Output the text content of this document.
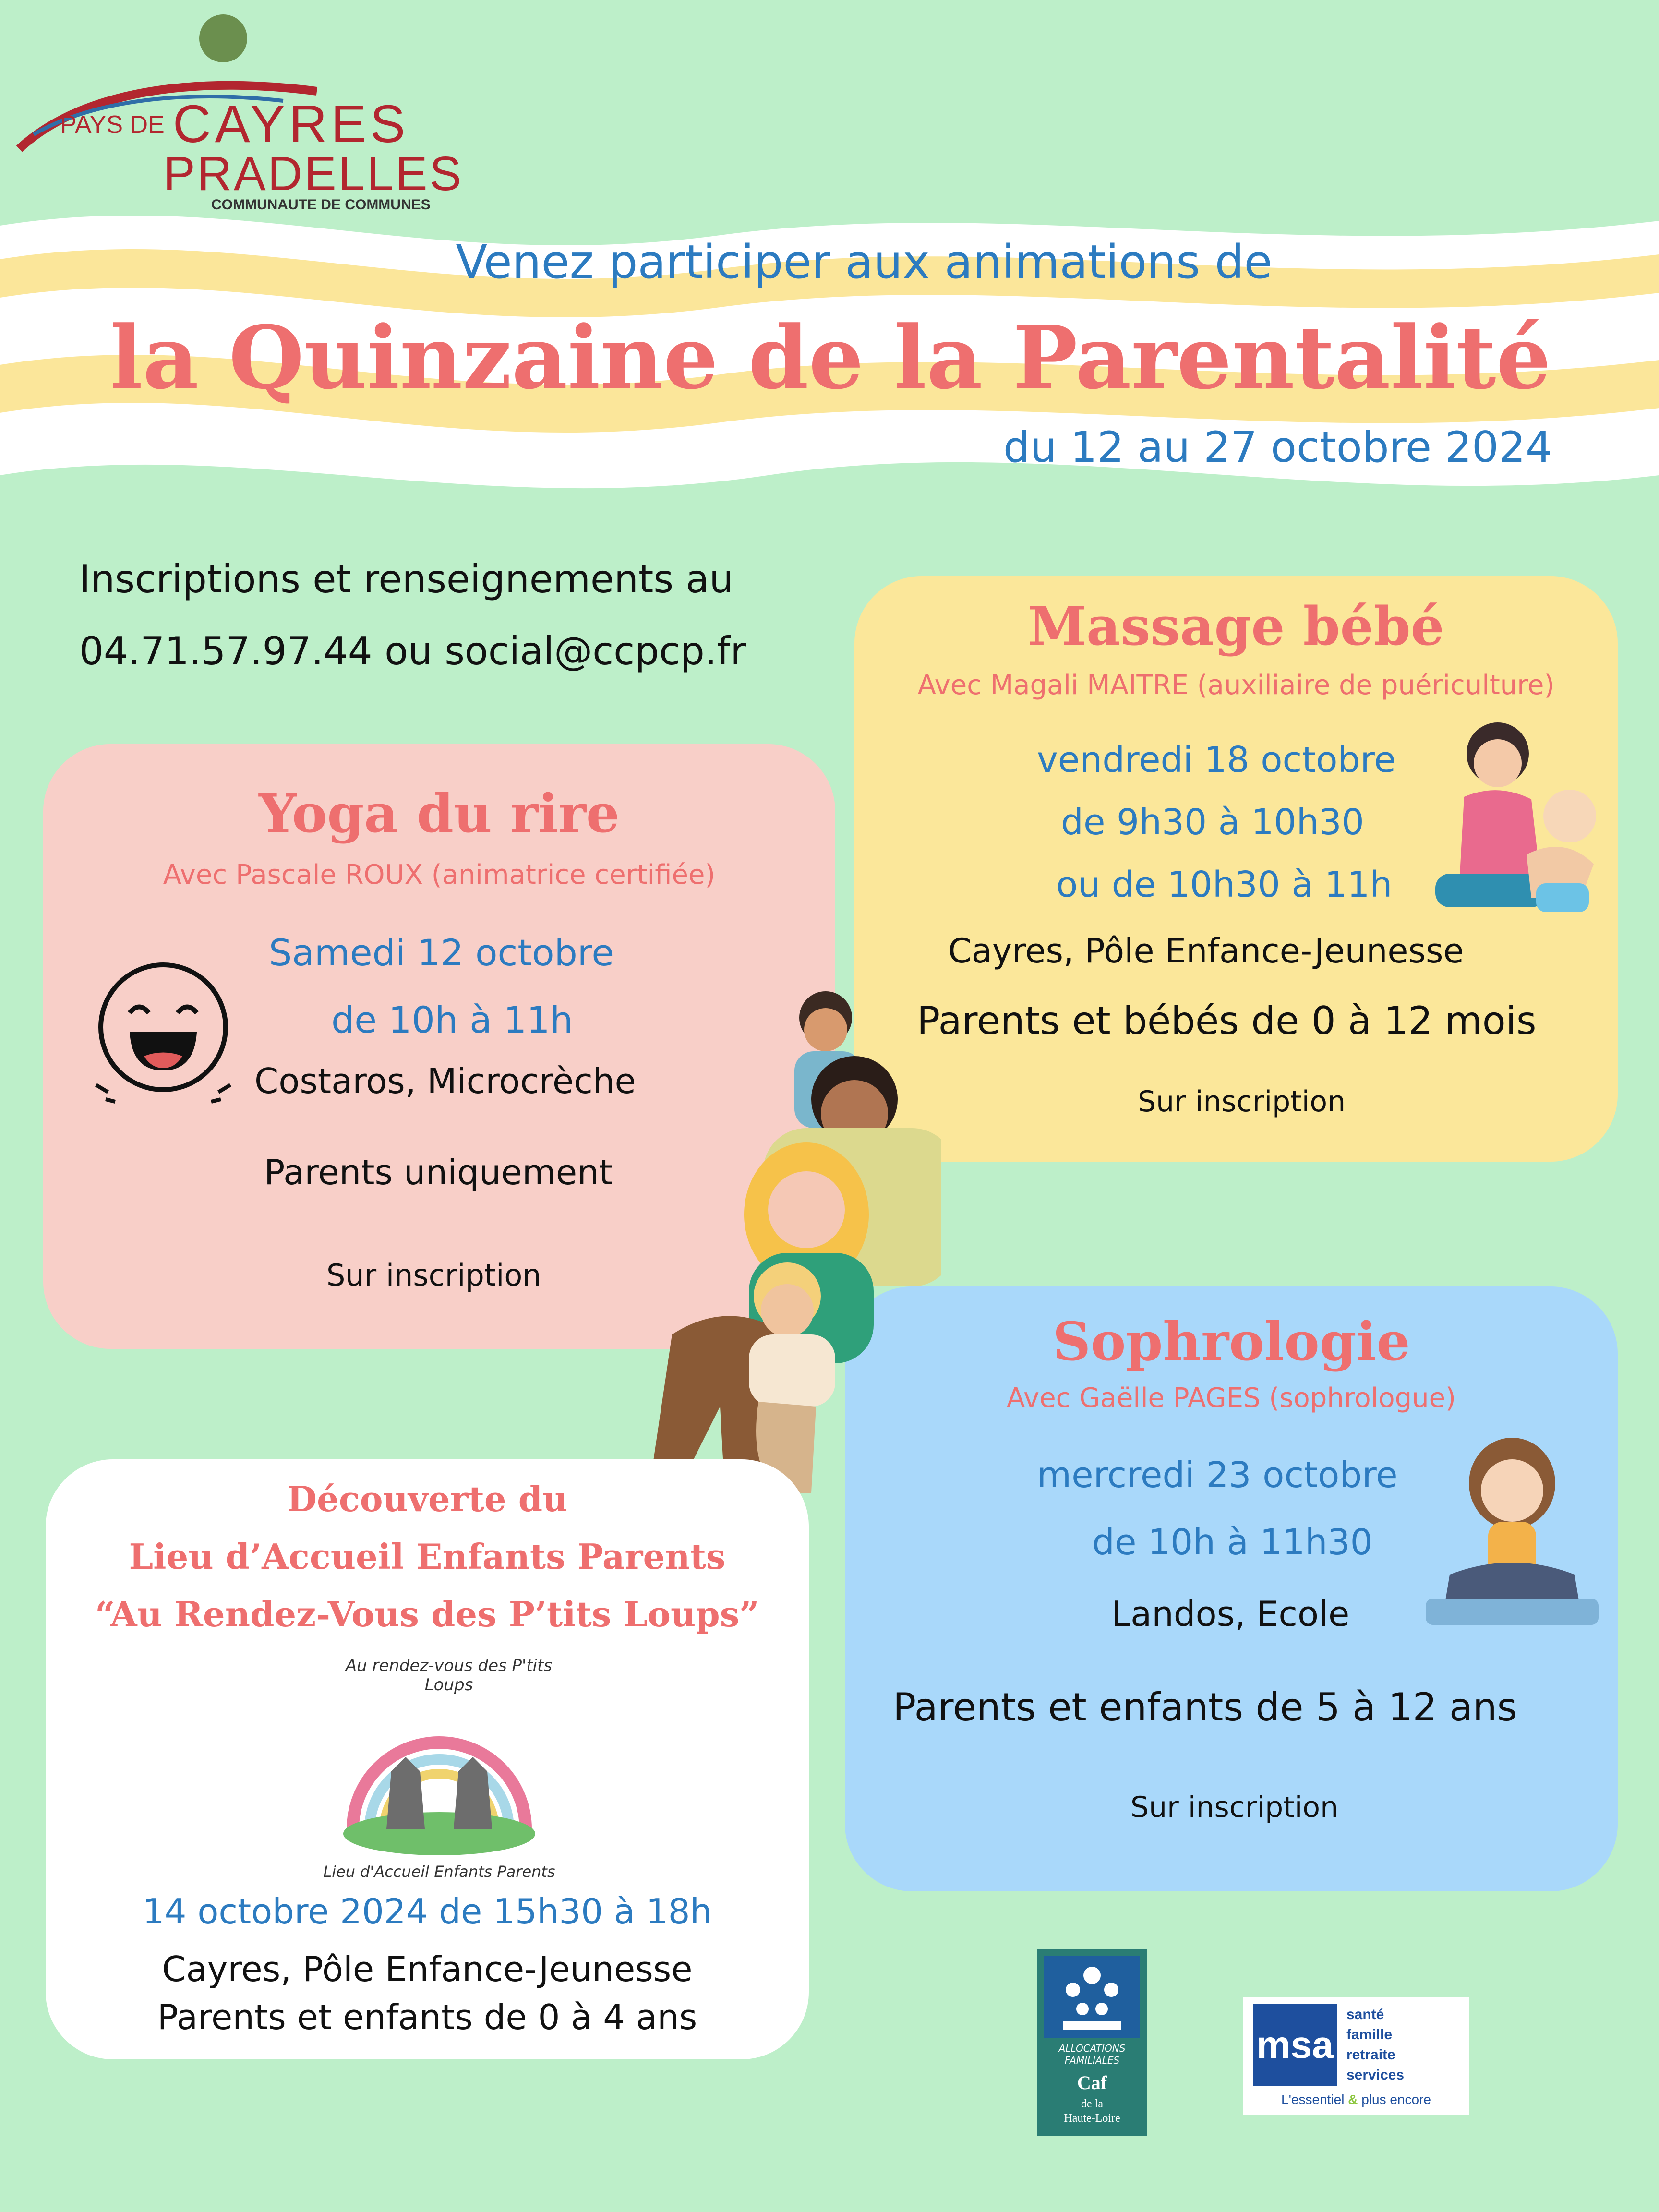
PAYS DE CAYRES
PRADELLES
COMMUNAUTE DE COMMUNES
Venez participer aux animations de
la Quinzaine de la Parentalité
du 12 au 27 octobre 2024
Inscriptions et renseignements au
04.71.57.97.44 ou social@ccpcp.fr
Yoga du rire
Avec Pascale ROUX (animatrice certifiée)
Samedi 12 octobre
de 10h à 11h
Costaros, Microcrèche
Parents uniquement
Sur inscription
Massage bébé
Avec Magali MAITRE (auxiliaire de puériculture)
vendredi 18 octobre
de 9h30 à 10h30
ou de 10h30 à 11h
Cayres, Pôle Enfance-Jeunesse
Parents et bébés de 0 à 12 mois
Sur inscription
Sophrologie
Avec Gaëlle PAGES (sophrologue)
mercredi 23 octobre
de 10h à 11h30
Landos, Ecole
Parents et enfants de 5 à 12 ans
Sur inscription
Découverte du
Lieu d’Accueil Enfants Parents
“Au Rendez-Vous des P’tits Loups”
Au rendez-vous des P'tits Loups
Lieu d'Accueil Enfants Parents
14 octobre 2024 de 15h30 à 18h
Cayres, Pôle Enfance-Jeunesse
Parents et enfants de 0 à 4 ans
ALLOCATIONS
FAMILIALES
Caf
de la
Haute-Loire
msa
santé
famille
retraite
services
L'essentiel & plus encore
